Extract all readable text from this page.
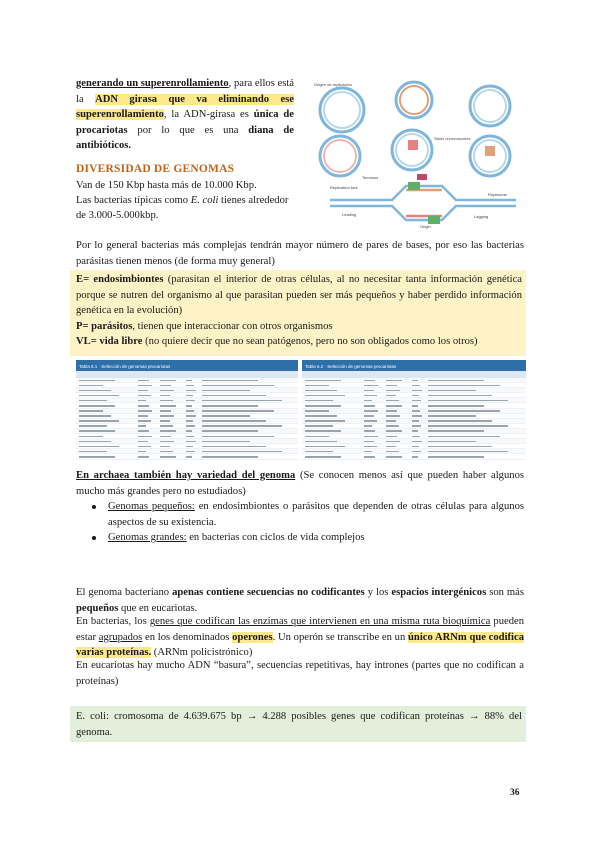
generando un superenrollamiento, para ellos está la ADN girasa que va eliminando ese superenrollamiento, la ADN-girasa es única de procariotas por lo que es una diana de antibióticos.
DIVERSIDAD DE GENOMAS
Van de 150 Kbp hasta más de 10.000 Kbp.
Las bacterias típicas como E. coli tienes alrededor de 3.000-5.000kbp.
Origen de replicación
Sister chromosomes
Replication fork
Leading
Origin
Lagging
Replisome
Terminus
Por lo general bacterias más complejas tendrán mayor número de pares de bases, por eso las bacterias parásitas tienen menos (de forma muy general)
E= endosimbiontes (parasitan el interior de otras células, al no necesitar tanta información genética porque se nutren del organismo al que parasitan pueden ser más pequeños y haber perdido información genética en la evolución)
P= parásitos, tienen que interaccionar con otros organismos
VL= vida libre (no quiere decir que no sean patógenos, pero no son obligados como los otros)
Tabla 6.1 · Selección de genomas procariotas	Tabla 6.2 · Selección de genomas procariotas
En archaea también hay variedad del genoma (Se conocen menos así que pueden haber algunos mucho más grandes pero no estudiados)
Genomas pequeños: en endosimbiontes o parásitos que dependen de otras células para algunos aspectos de su existencia.
Genomas grandes: en bacterias con ciclos de vida complejos
El genoma bacteriano apenas contiene secuencias no codificantes y los espacios intergénicos son más pequeños que en eucariotas.
En bacterias, los genes que codifican las enzimas que intervienen en una misma ruta bioquímica pueden estar agrupados en los denominados operones. Un operón se transcribe en un único ARNm que codifica varias proteínas. (ARNm policistrónico)
En eucariotas hay mucho ADN “basura”, secuencias repetitivas, hay intrones (partes que no codifican a proteínas)
E. coli: cromosoma de 4.639.675 bp → 4.288 posibles genes que codifican proteínas → 88% del genoma.
36
